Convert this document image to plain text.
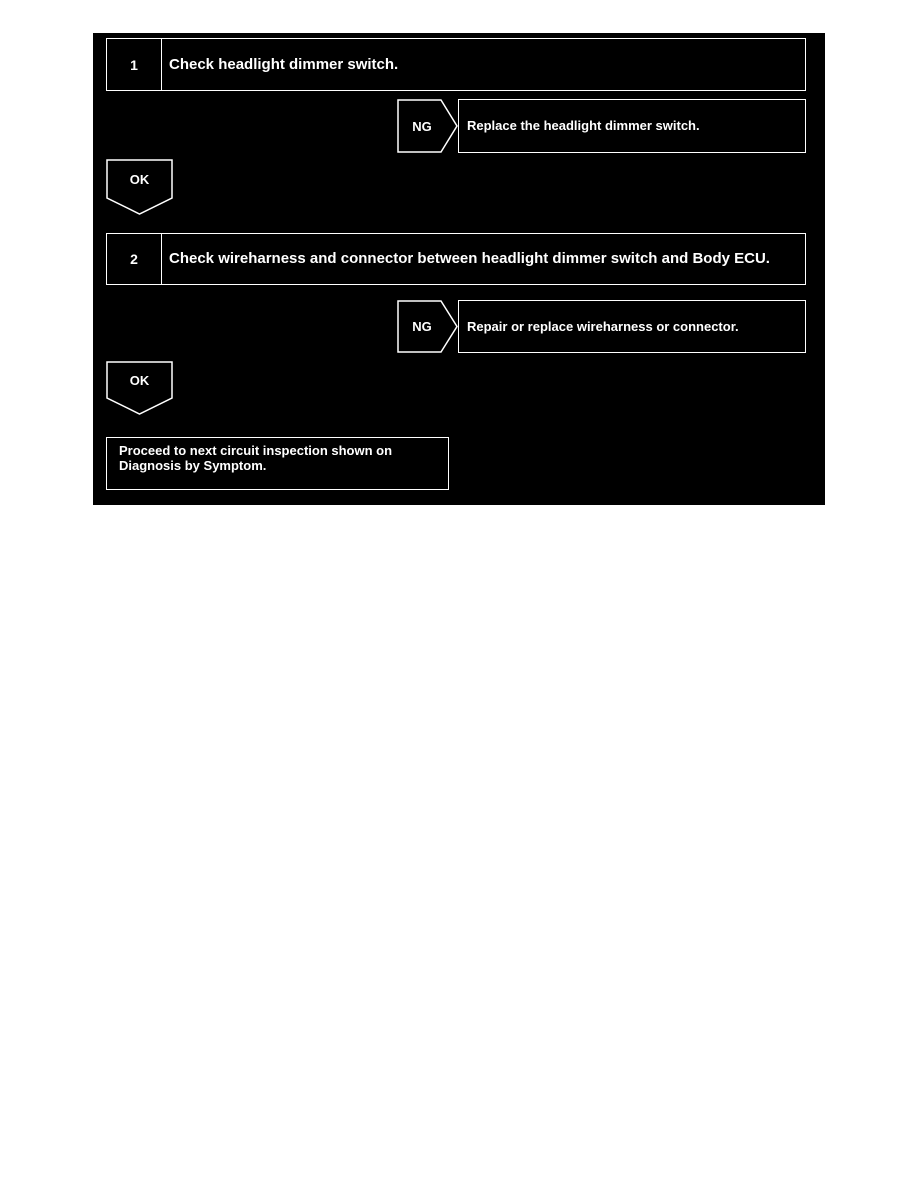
1	Check headlight dimmer switch.
NG	Replace the headlight dimmer switch.
OK
2	Check wireharness and connector between headlight dimmer switch and Body ECU.
NG	Repair or replace wireharness or connector.
OK
Proceed to next circuit inspection shown on Diagnosis by Symptom.
